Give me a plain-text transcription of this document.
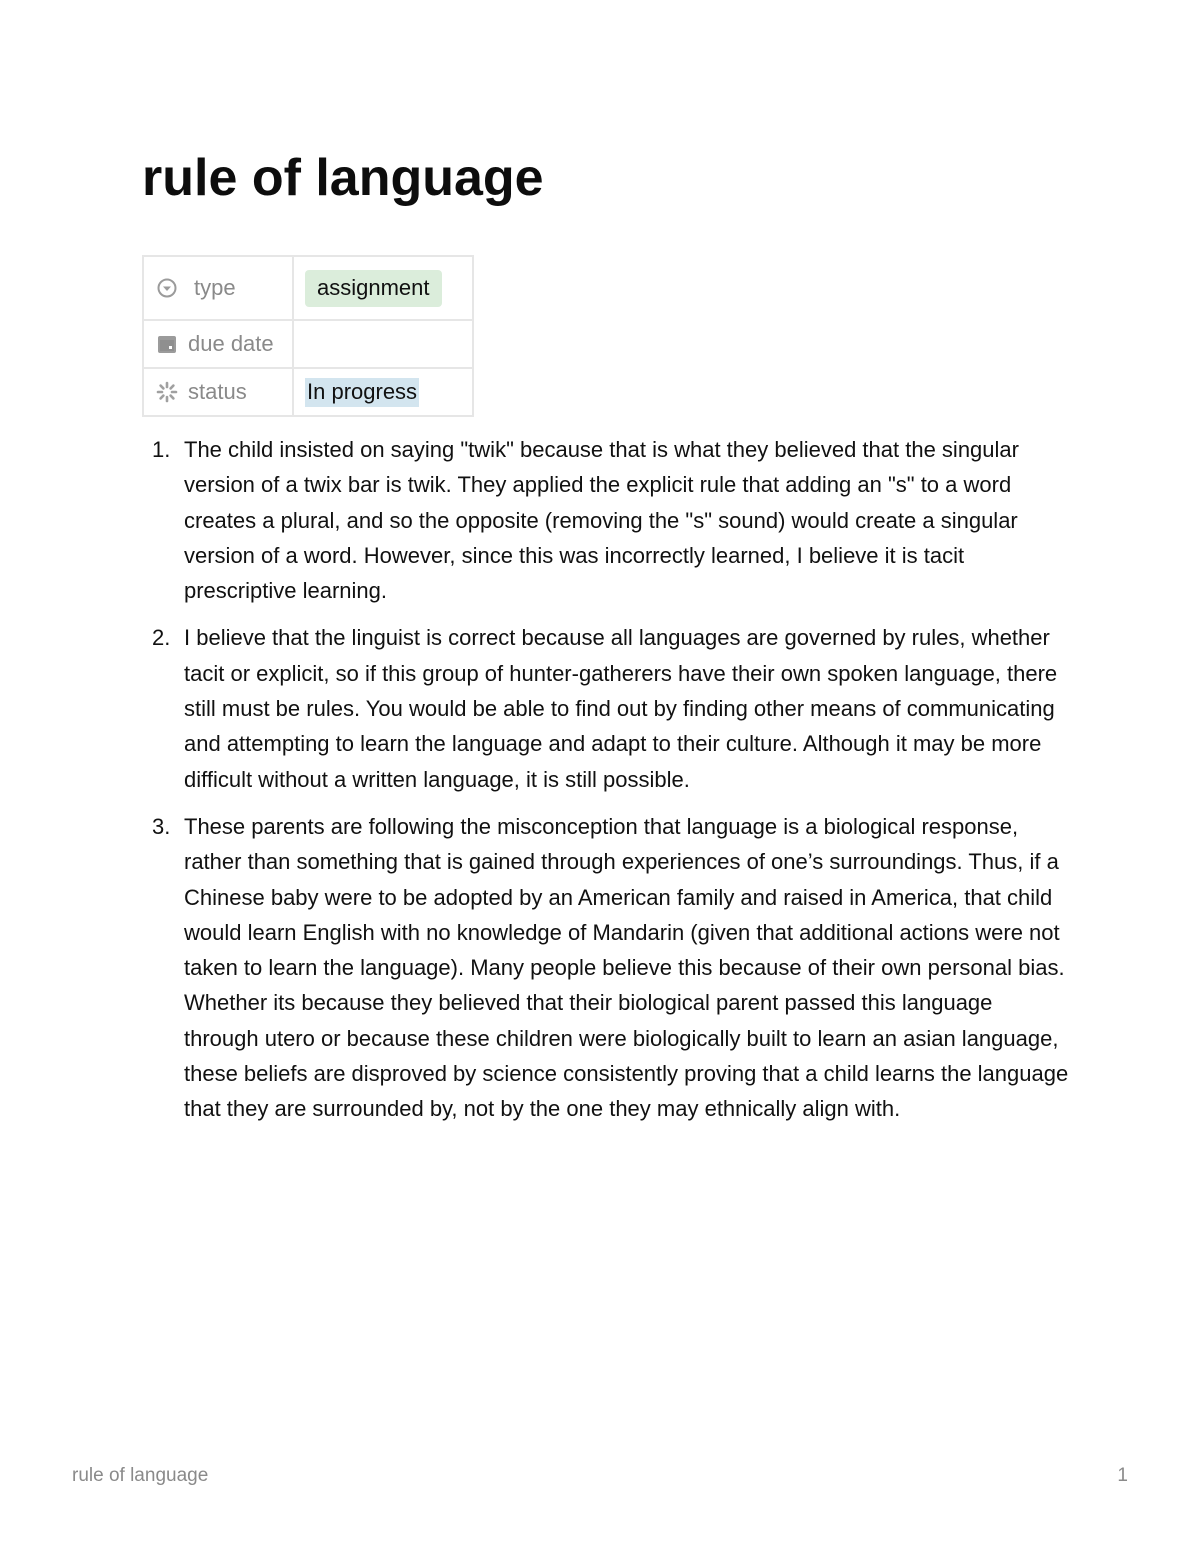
rule of language
type	assignment

due date	

status	In progress
1. The child insisted on saying "twik" because that is what they believed that the singular version of a twix bar is twik. They applied the explicit rule that adding an "s" to a word creates a plural, and so the opposite (removing the "s" sound) would create a singular version of a word. However, since this was incorrectly learned, I believe it is tacit prescriptive learning.
2. I believe that the linguist is correct because all languages are governed by rules, whether tacit or explicit, so if this group of hunter-gatherers have their own spoken language, there still must be rules. You would be able to find out by finding other means of communicating and attempting to learn the language and adapt to their culture. Although it may be more difficult without a written language, it is still possible.
3. These parents are following the misconception that language is a biological response, rather than something that is gained through experiences of one’s surroundings. Thus, if a Chinese baby were to be adopted by an American family and raised in America, that child would learn English with no knowledge of Mandarin (given that additional actions were not taken to learn the language). Many people believe this because of their own personal bias. Whether its because they believed that their biological parent passed this language through utero or because these children were biologically built to learn an asian language, these beliefs are disproved by science consistently proving that a child learns the language that they are surrounded by, not by the one they may ethnically align with.
rule of language	1
